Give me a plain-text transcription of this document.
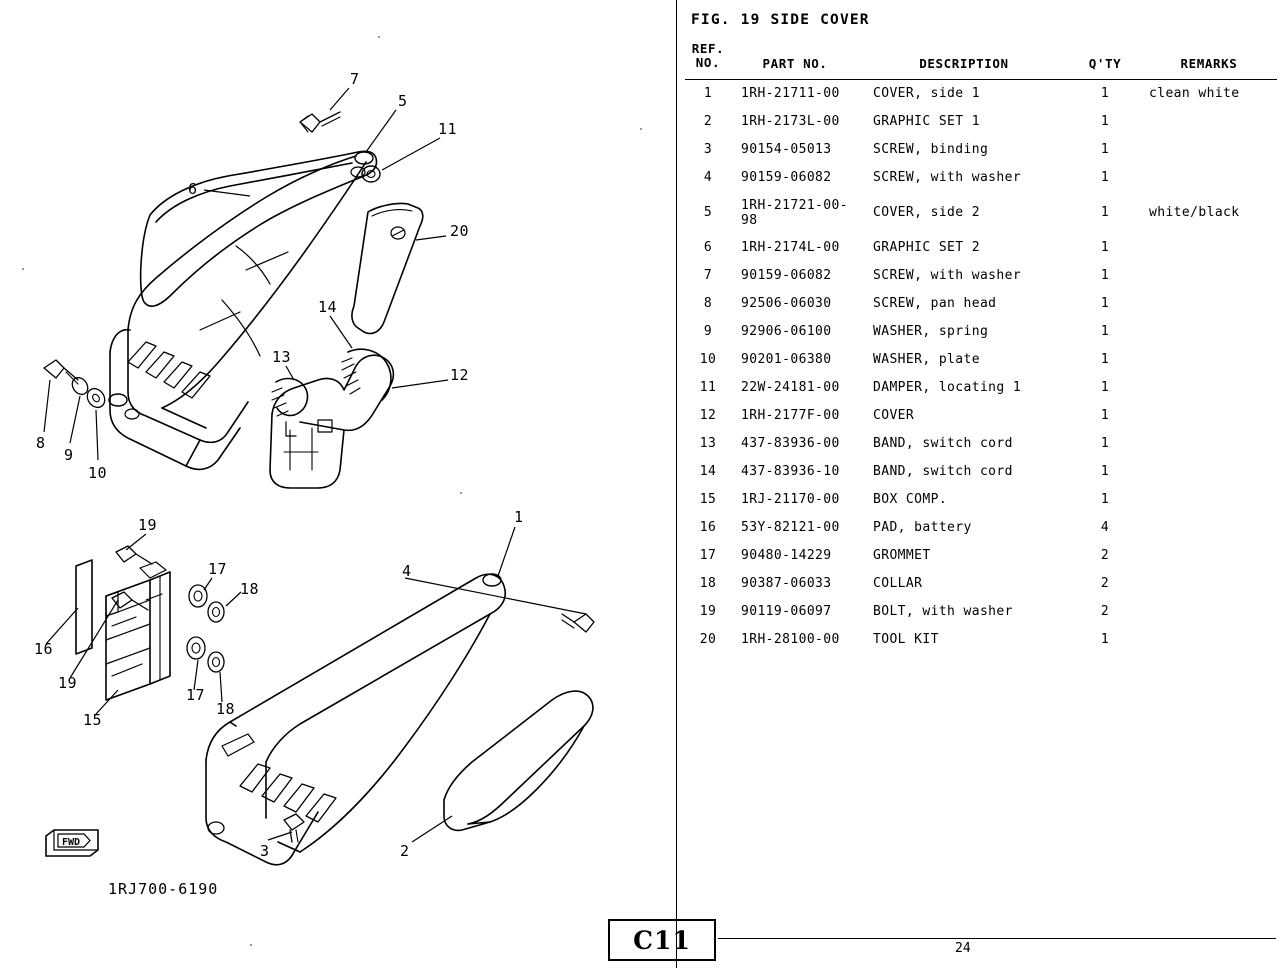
7
5
11
6
20
14
13
12
8
9
10
19	1
17	4
18
16
19
17
18
15
3	2
FWD
1RJ700-6190
FIG. 19 SIDE COVER
REF.
NO.	PART NO.	DESCRIPTION	Q'TY	REMARKS
1	1RH-21711-00	COVER, side 1	1	clean white
2	1RH-2173L-00	GRAPHIC SET 1	1	
3	90154-05013	SCREW, binding	1	
4	90159-06082	SCREW, with washer	1	
5	1RH-21721-00-98	COVER, side 2	1	white/black
6	1RH-2174L-00	GRAPHIC SET 2	1	
7	90159-06082	SCREW, with washer	1	
8	92506-06030	SCREW, pan head	1	
9	92906-06100	WASHER, spring	1	
10	90201-06380	WASHER, plate	1	
11	22W-24181-00	DAMPER, locating 1	1	
12	1RH-2177F-00	COVER	1	
13	437-83936-00	BAND, switch cord	1	
14	437-83936-10	BAND, switch cord	1	
15	1RJ-21170-00	BOX COMP.	1	
16	53Y-82121-00	PAD, battery	4	
17	90480-14229	GROMMET	2	
18	90387-06033	COLLAR	2	
19	90119-06097	BOLT, with washer	2	
20	1RH-28100-00	TOOL KIT	1	
C11	24
